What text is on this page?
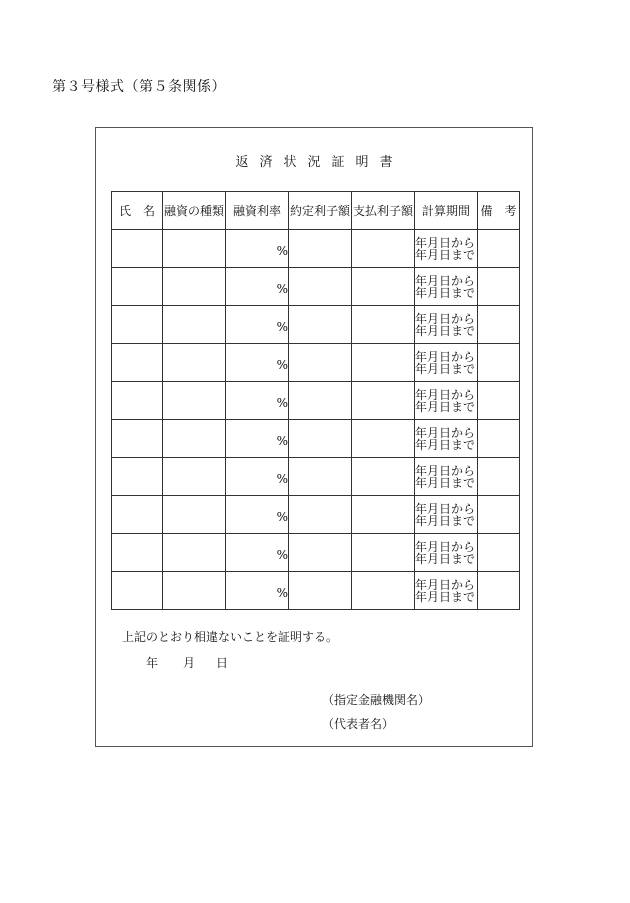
第３号様式（第５条関係）
返済状況証明書
氏　名	融資の種類	融資利率	約定利子額	支払利子額	計算期間	備　考
		%			年月日から
年月日まで	

		%			年月日から
年月日まで	

		%			年月日から
年月日まで	

		%			年月日から
年月日まで	

		%			年月日から
年月日まで	

		%			年月日から
年月日まで	

		%			年月日から
年月日まで	

		%			年月日から
年月日まで	

		%			年月日から
年月日まで	

		%			年月日から
年月日まで	

上記のとおり相違ないことを証明する。
年 月 日
（指定金融機関名）
（代表者名）
